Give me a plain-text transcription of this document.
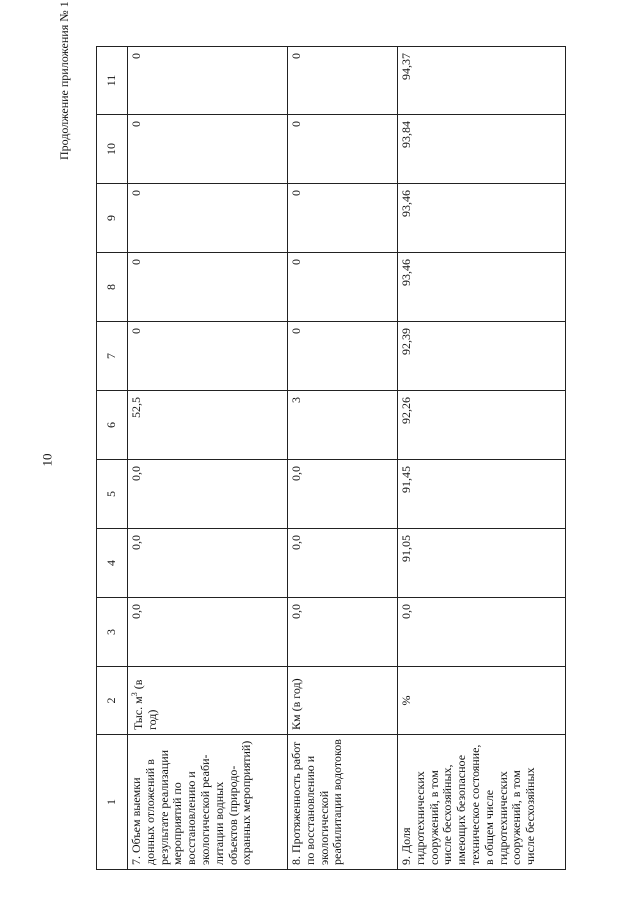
10
Продолжение приложения № 1
1	2	3	4	5	6	7	8	9	10	11
7. Объем выемки донных отложений в результате реализации мероприятий по восстановлению и экологической реаби-литации водных объектов (природо-охранных мероприятий)	Тыс. $м^3$ (в год)	0,0	0,0	0,0	52,5	0	0	0	0	0
8. Протяженность работ по восстановлению и экологической реабилитации водотоков	Км (в год)	0,0	0,0	0,0	3	0	0	0	0	0
9. Доля гидротехнических сооружений, в том числе бесхозяйных, имеющих безопасное техническое состояние, в общем числе гидротехнических сооружений, в том числе бесхозяйных	%	0,0	91,05	91,45	92,26	92,39	93,46	93,46	93,84	94,37
